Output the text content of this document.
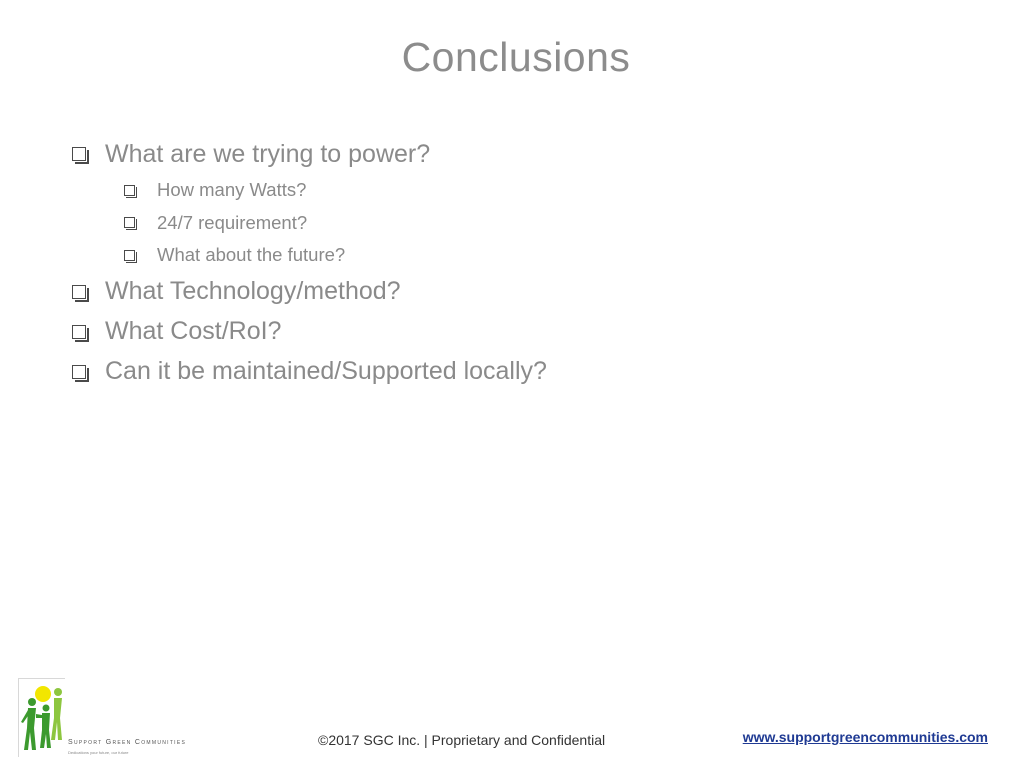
Conclusions
What are we trying to power?
How many Watts?
24/7 requirement?
What about the future?
What Technology/method?
What Cost/RoI?
Can it be maintained/Supported locally?
Support Green Communities
Dedications your future, our future
©2017 SGC Inc. | Proprietary and Confidential	www.supportgreencommunities.com
